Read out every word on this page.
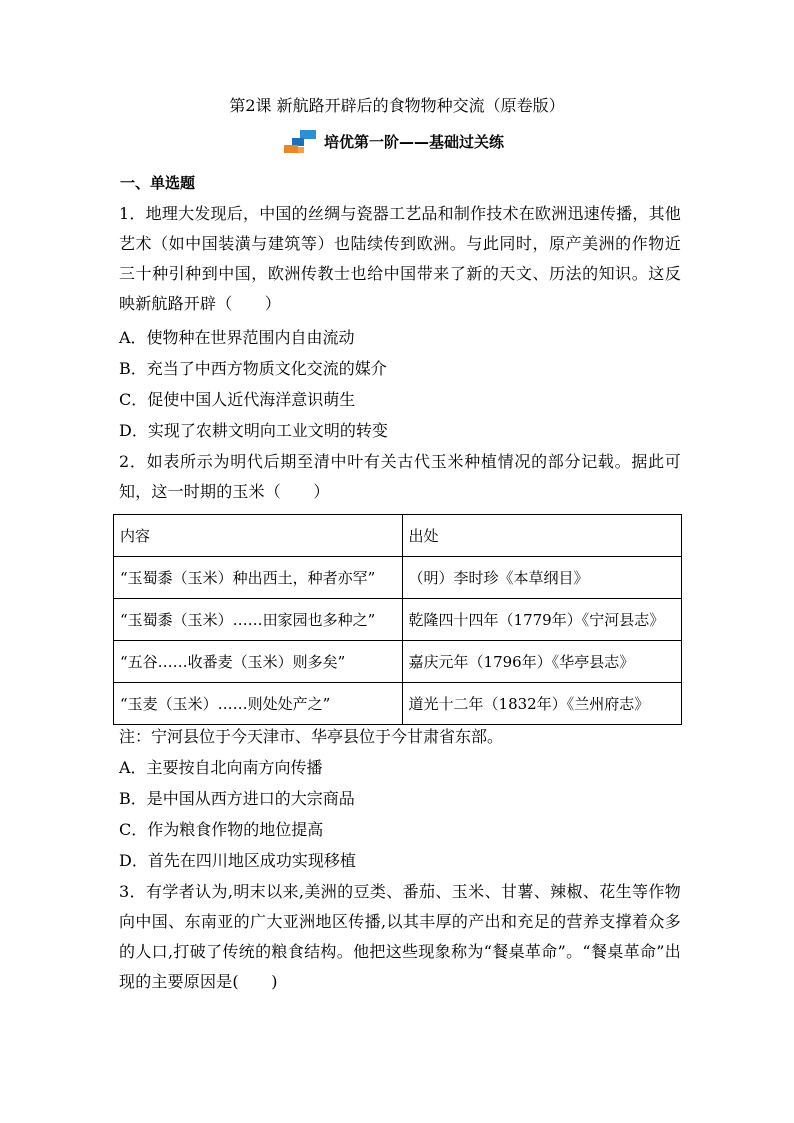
第2课 新航路开辟后的食物物种交流（原卷版）
培优第一阶——基础过关练
一、单选题
1．地理大发现后，中国的丝绸与瓷器工艺品和制作技术在欧洲迅速传播，其他艺术（如中国装潢与建筑等）也陆续传到欧洲。与此同时，原产美洲的作物近三十种引种到中国，欧洲传教士也给中国带来了新的天文、历法的知识。这反映新航路开辟（　　）
A．使物种在世界范围内自由流动
B．充当了中西方物质文化交流的媒介
C．促使中国人近代海洋意识萌生
D．实现了农耕文明向工业文明的转变
2．如表所示为明代后期至清中叶有关古代玉米种植情况的部分记载。据此可知，这一时期的玉米（　　）
内容	出处
“玉蜀黍（玉米）种出西土，种者亦罕”	（明）李时珍《本草纲目》
“玉蜀黍（玉米）……田家园也多种之”	乾隆四十四年（1779年）《宁河县志》
“五谷……收番麦（玉米）则多矣”	嘉庆元年（1796年）《华亭县志》
“玉麦（玉米）……则处处产之”	道光十二年（1832年）《兰州府志》
注：宁河县位于今天津市、华亭县位于今甘肃省东部。
A．主要按自北向南方向传播
B．是中国从西方进口的大宗商品
C．作为粮食作物的地位提高
D．首先在四川地区成功实现移植
3．有学者认为,明末以来,美洲的豆类、番茄、玉米、甘薯、辣椒、花生等作物向中国、东南亚的广大亚洲地区传播,以其丰厚的产出和充足的营养支撑着众多的人口,打破了传统的粮食结构。他把这些现象称为“餐桌革命”。“餐桌革命”出现的主要原因是(　　)
